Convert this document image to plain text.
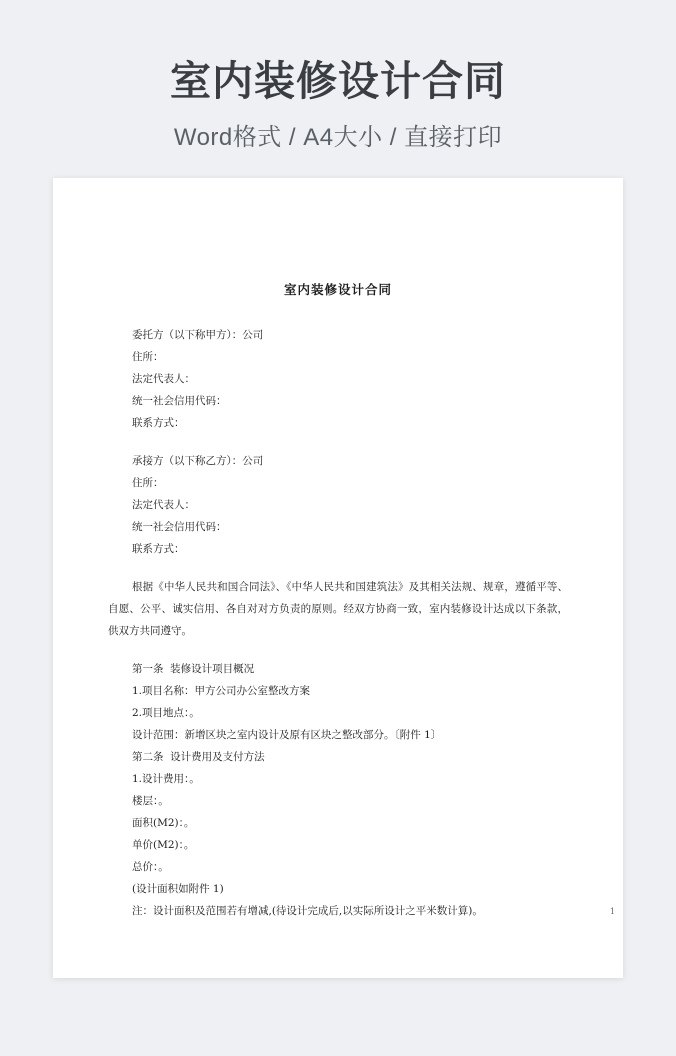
室内装修设计合同
Word格式 / A4大小 / 直接打印
室内装修设计合同
委托方（以下称甲方）：公司
住所：
法定代表人：
统一社会信用代码：
联系方式：
承接方（以下称乙方）：公司
住所：
法定代表人：
统一社会信用代码：
联系方式：
根据《中华人民共和国合同法》、《中华人民共和国建筑法》及其相关法规、规章，遵循平等、自愿、公平、诚实信用、各自对对方负责的原则。经双方协商一致，室内装修设计达成以下条款，供双方共同遵守。
第一条  装修设计项目概况
1.项目名称：甲方公司办公室整改方案
2.项目地点：。
设计范围：新增区块之室内设计及原有区块之整改部分。〔附件 1〕
第二条  设计费用及支付方法
1.设计费用：。
楼层：。
面积(M2)：。
单价(M2)：。
总价：。
(设计面积如附件 1)
注：设计面积及范围若有增减,(待设计完成后,以实际所设计之平米数计算)。	1
